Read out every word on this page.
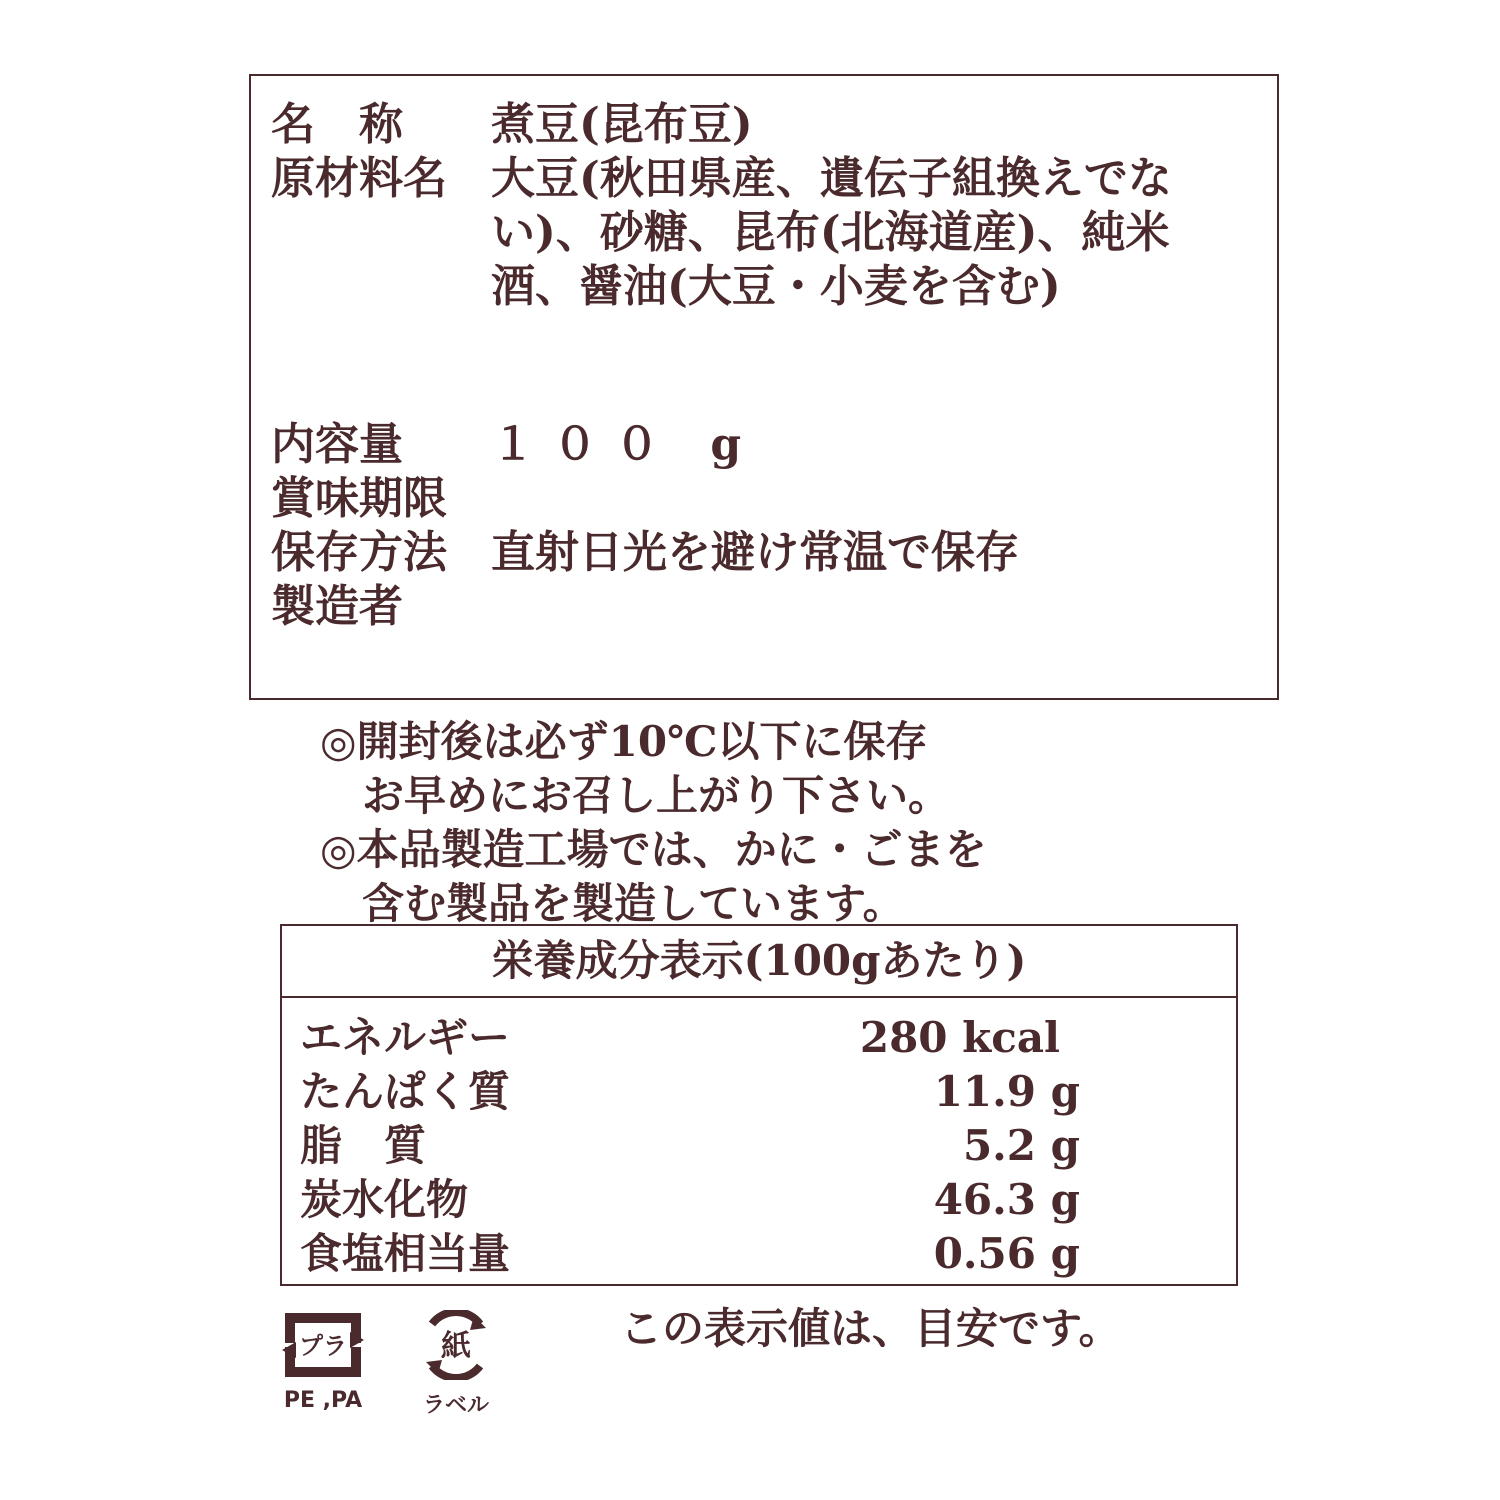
名　称	煮豆(昆布豆)
原材料名	大豆(秋田県産、遺伝子組換えでない)、砂糖、昆布(北海道産)、純米酒、醤油(大豆・小麦を含む)
内容量	１００ g
賞味期限
保存方法	直射日光を避け常温で保存
製造者
◎開封後は必ず10℃以下に保存
　お早めにお召し上がり下さい。
◎本品製造工場では、かに・ごまを
　含む製品を製造しています。
栄養成分表示(100gあたり)
エネルギー	280 kcal
たんぱく質	11.9 g
脂　質	5.2 g
炭水化物	46.3 g
食塩相当量	0.56 g
プラ
PE ,PA
紙
ラベル
この表示値は、目安です。
